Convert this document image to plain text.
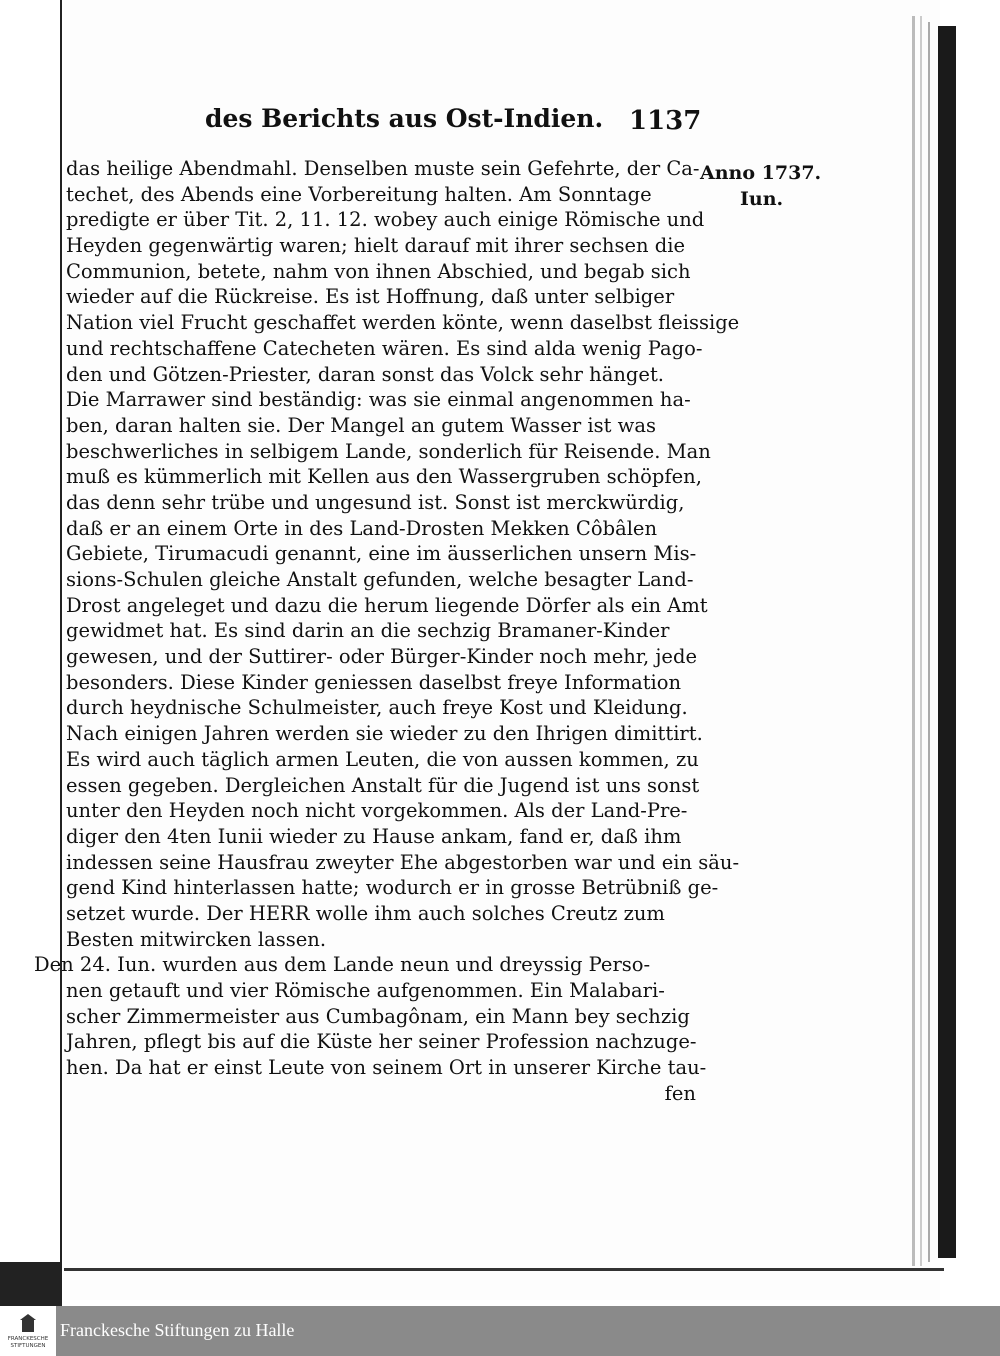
des Berichts aus Ost-Indien. 1137
Anno 1737.
Iun.
das heilige Abendmahl. Denselben muste sein Gefehrte, der Ca-
techet, des Abends eine Vorbereitung halten. Am Sonntage
predigte er über Tit. 2, 11. 12. wobey auch einige Römische und
Heyden gegenwärtig waren; hielt darauf mit ihrer sechsen die
Communion, betete, nahm von ihnen Abschied, und begab sich
wieder auf die Rückreise. Es ist Hoffnung, daß unter selbiger
Nation viel Frucht geschaffet werden könte, wenn daselbst fleissige
und rechtschaffene Catecheten wären. Es sind alda wenig Pago-
den und Götzen-Priester, daran sonst das Volck sehr hänget.
Die Marrawer sind beständig: was sie einmal angenommen ha-
ben, daran halten sie. Der Mangel an gutem Wasser ist was
beschwerliches in selbigem Lande, sonderlich für Reisende. Man
muß es kümmerlich mit Kellen aus den Wassergruben schöpfen,
das denn sehr trübe und ungesund ist. Sonst ist merckwürdig,
daß er an einem Orte in des Land-Drosten Mekken Côbâlen
Gebiete, Tirumacudi genannt, eine im äusserlichen unsern Mis-
sions-Schulen gleiche Anstalt gefunden, welche besagter Land-
Drost angeleget und dazu die herum liegende Dörfer als ein Amt
gewidmet hat. Es sind darin an die sechzig Bramaner-Kinder
gewesen, und der Suttirer- oder Bürger-Kinder noch mehr, jede
besonders. Diese Kinder geniessen daselbst freye Information
durch heydnische Schulmeister, auch freye Kost und Kleidung.
Nach einigen Jahren werden sie wieder zu den Ihrigen dimittirt.
Es wird auch täglich armen Leuten, die von aussen kommen, zu
essen gegeben. Dergleichen Anstalt für die Jugend ist uns sonst
unter den Heyden noch nicht vorgekommen. Als der Land-Pre-
diger den 4ten Iunii wieder zu Hause ankam, fand er, daß ihm
indessen seine Hausfrau zweyter Ehe abgestorben war und ein säu-
gend Kind hinterlassen hatte; wodurch er in grosse Betrübniß ge-
setzet wurde. Der HERR wolle ihm auch solches Creutz zum
Besten mitwircken lassen.
Den 24. Iun. wurden aus dem Lande neun und dreyssig Perso-
nen getauft und vier Römische aufgenommen. Ein Malabari-
scher Zimmermeister aus Cumbagônam, ein Mann bey sechzig
Jahren, pflegt bis auf die Küste her seiner Profession nachzuge-
hen. Da hat er einst Leute von seinem Ort in unserer Kirche tau-
fen
FRANCKESCHE
STIFTUNGEN
Franckesche Stiftungen zu Halle
